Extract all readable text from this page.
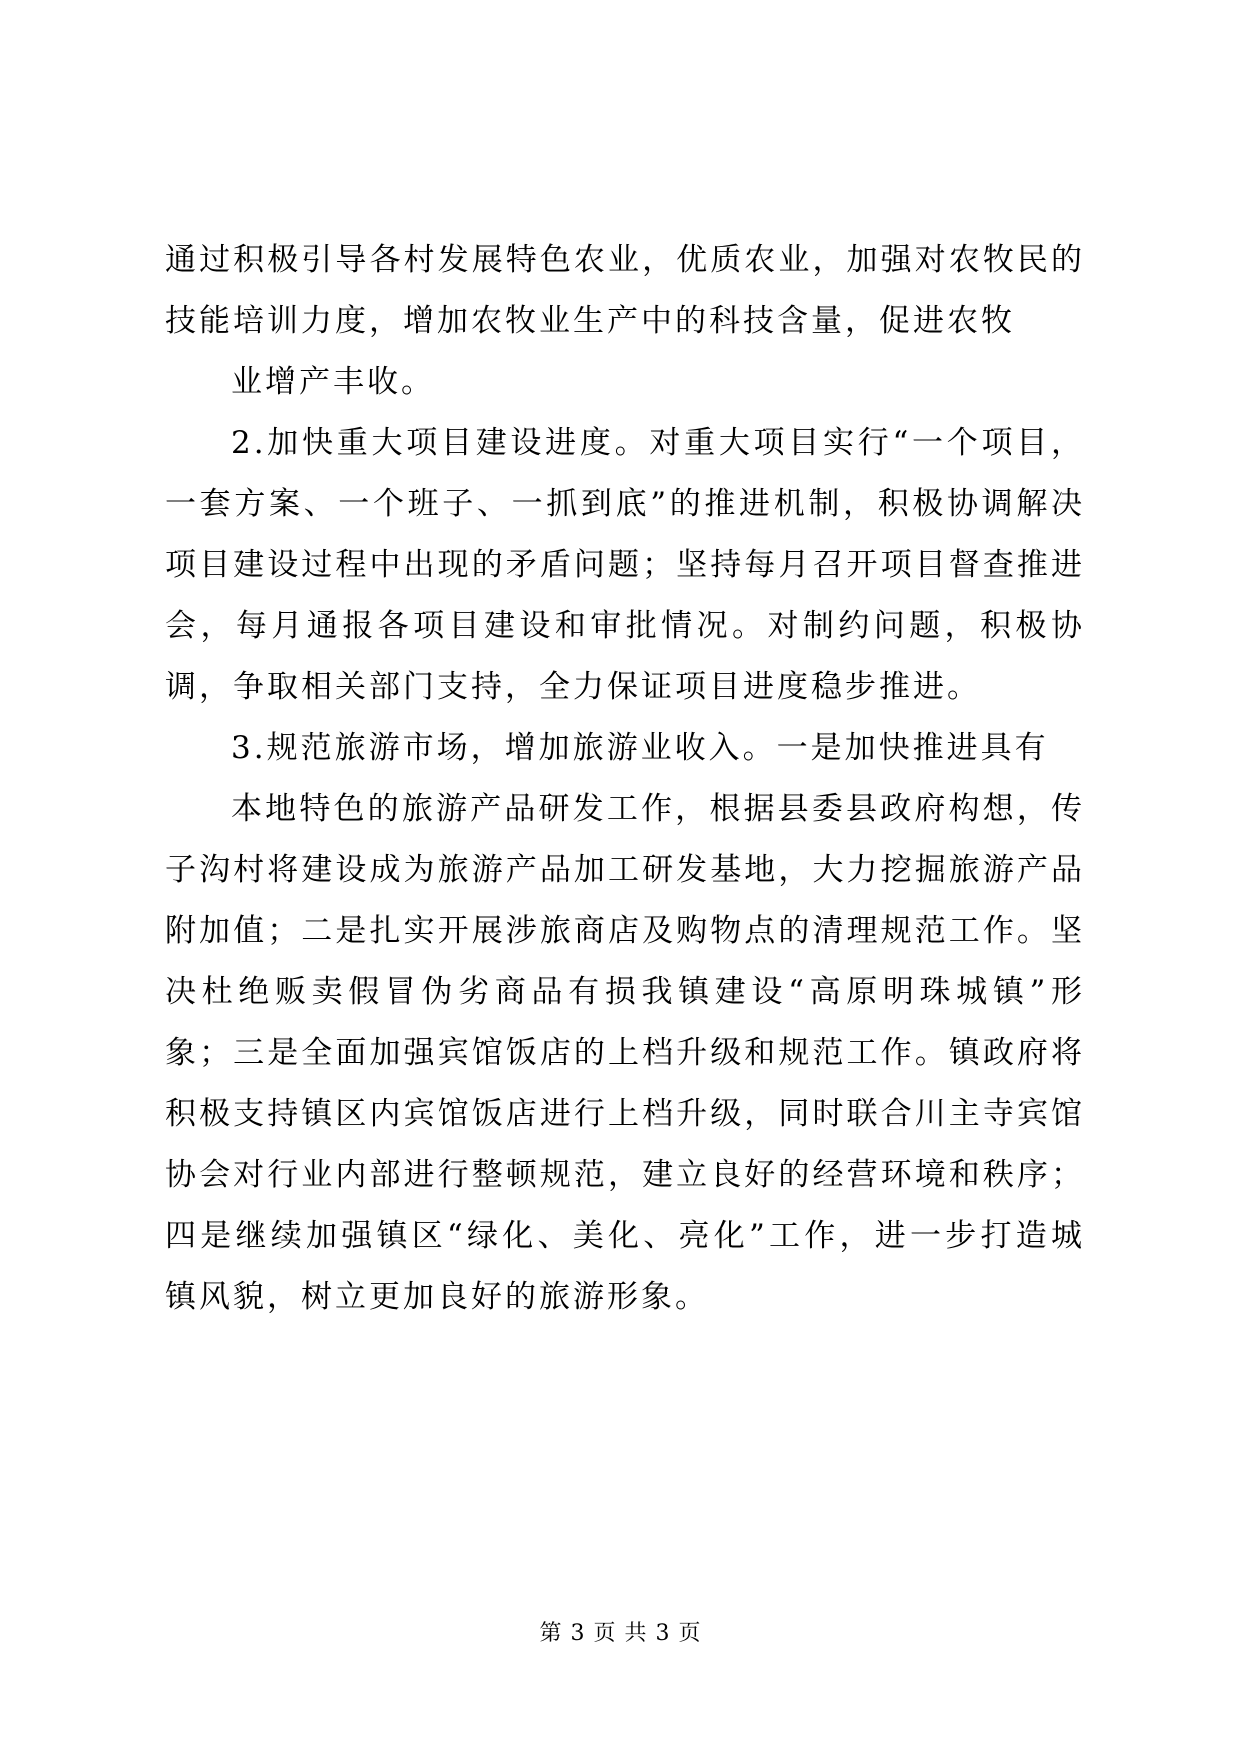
通过积极引导各村发展特色农业，优质农业，加强对农牧民的技能培训力度，增加农牧业生产中的科技含量，促进农牧

业增产丰收。

2.加快重大项目建设进度。对重大项目实行“一个项目，一套方案、一个班子、一抓到底”的推进机制，积极协调解决项目建设过程中出现的矛盾问题；坚持每月召开项目督查推进会，每月通报各项目建设和审批情况。对制约问题，积极协调，争取相关部门支持，全力保证项目进度稳步推进。

3.规范旅游市场，增加旅游业收入。一是加快推进具有

本地特色的旅游产品研发工作，根据县委县政府构想，传子沟村将建设成为旅游产品加工研发基地，大力挖掘旅游产品附加值；二是扎实开展涉旅商店及购物点的清理规范工作。坚决杜绝贩卖假冒伪劣商品有损我镇建设“高原明珠城镇”形象；三是全面加强宾馆饭店的上档升级和规范工作。镇政府将积极支持镇区内宾馆饭店进行上档升级，同时联合川主寺宾馆协会对行业内部进行整顿规范，建立良好的经营环境和秩序；四是继续加强镇区“绿化、美化、亮化”工作，进一步打造城镇风貌，树立更加良好的旅游形象。

第 3 页 共 3 页
